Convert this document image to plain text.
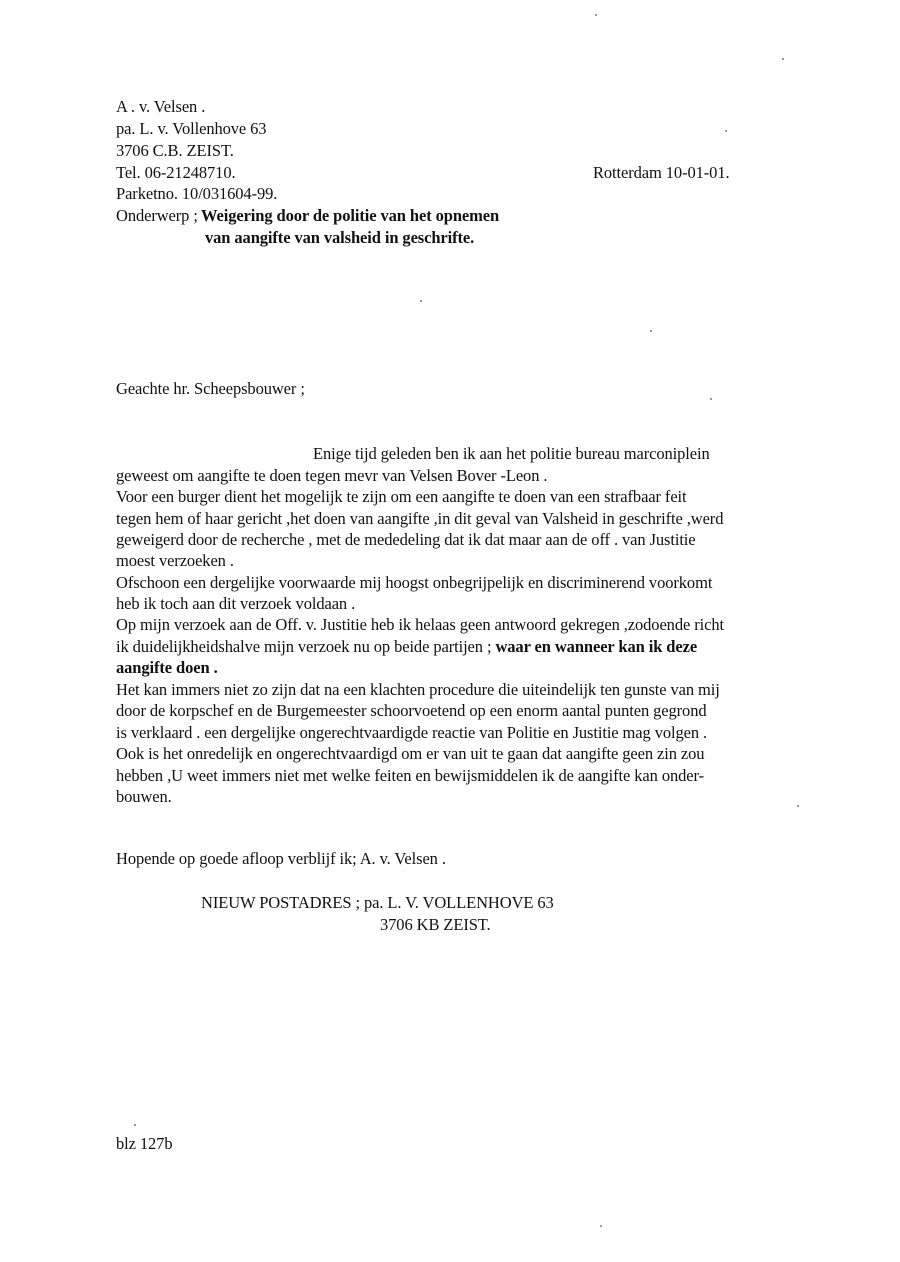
A . v. Velsen .
pa. L. v. Vollenhove 63
3706 C.B. ZEIST.
Tel. 06-21248710.
Parketno. 10/031604-99.
Rotterdam 10-01-01.
Onderwerp ; Weigering door de politie van het opnemen
van aangifte van valsheid in geschrifte.
Geachte hr. Scheepsbouwer ;
Enige tijd geleden ben ik aan het politie bureau marconiplein
geweest om aangifte te doen tegen mevr van Velsen Bover -Leon .
Voor een burger dient het mogelijk te zijn om een aangifte te doen van een strafbaar feit
tegen hem of haar gericht ,het doen van aangifte ,in dit geval van Valsheid in geschrifte ,werd
geweigerd door de recherche , met de mededeling dat ik dat maar aan de off . van Justitie
moest verzoeken .
Ofschoon een dergelijke voorwaarde mij hoogst onbegrijpelijk en discriminerend voorkomt
heb ik toch aan dit verzoek voldaan .
Op mijn verzoek aan de Off. v. Justitie heb ik helaas geen antwoord gekregen ,zodoende richt
ik duidelijkheidshalve mijn verzoek nu op beide partijen ; waar en wanneer kan ik deze
aangifte doen .
Het kan immers niet zo zijn dat na een klachten procedure die uiteindelijk ten gunste van mij
door de korpschef en de Burgemeester schoorvoetend op een enorm aantal punten gegrond
is verklaard . een dergelijke ongerechtvaardigde reactie van Politie en Justitie mag volgen .
Ook is het onredelijk en ongerechtvaardigd om er van uit te gaan dat aangifte geen zin zou
hebben ,U weet immers niet met welke feiten en bewijsmiddelen ik de aangifte kan onder-
bouwen.
Hopende op goede afloop verblijf ik; A. v. Velsen .
NIEUW POSTADRES ; pa. L. V. VOLLENHOVE 63
3706 KB ZEIST.
blz 127b
